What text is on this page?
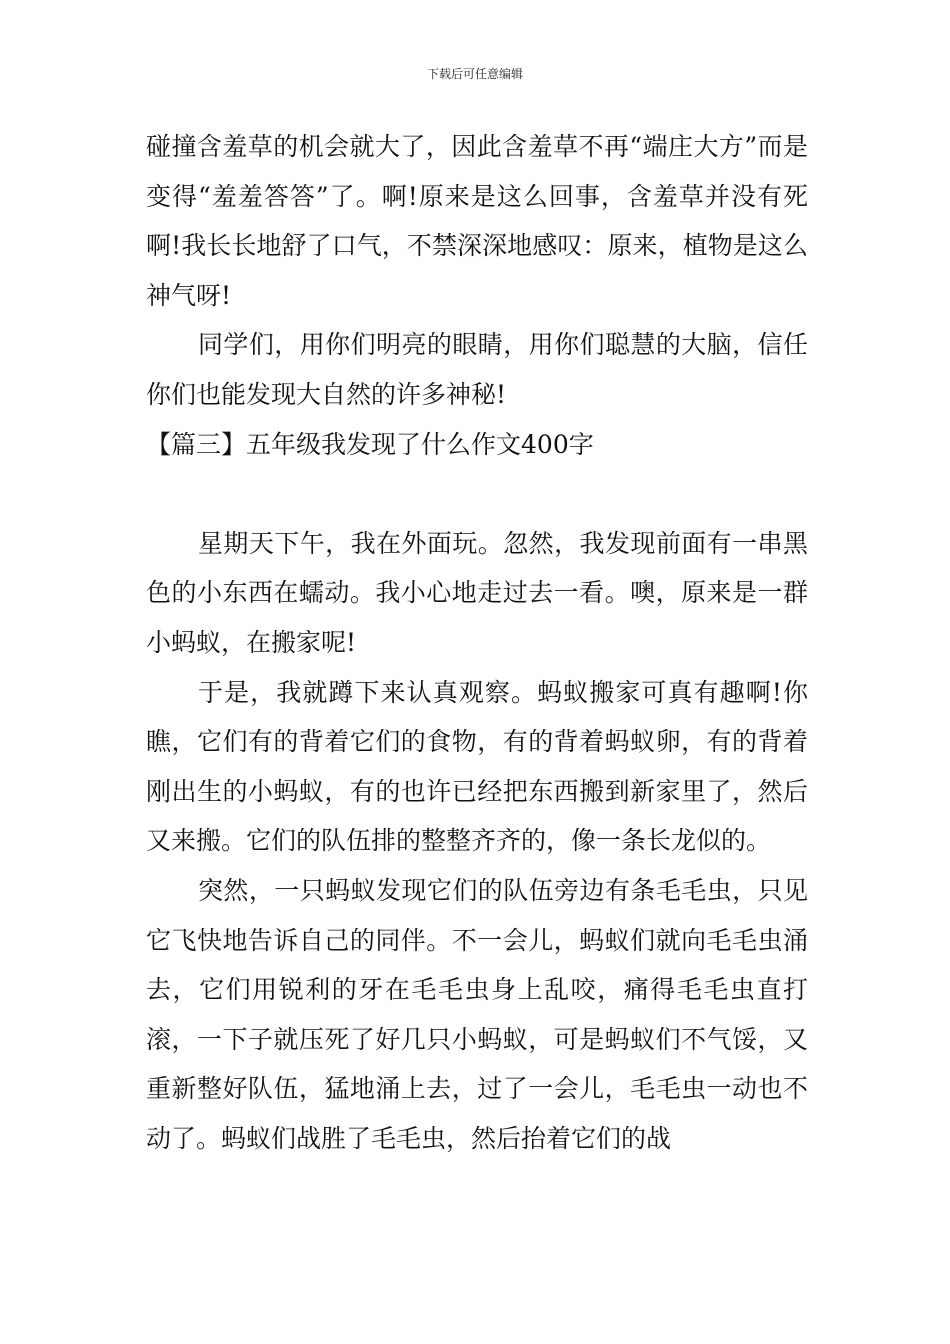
下载后可任意编辑

碰撞含羞草的机会就大了，因此含羞草不再“端庄大方”而是变得“羞羞答答”了。啊!原来是这么回事，含羞草并没有死啊!我长长地舒了口气，不禁深深地感叹：原来，植物是这么神气呀!

同学们，用你们明亮的眼睛，用你们聪慧的大脑，信任你们也能发现大自然的许多神秘!

【篇三】五年级我发现了什么作文400字

星期天下午，我在外面玩。忽然，我发现前面有一串黑色的小东西在蠕动。我小心地走过去一看。噢，原来是一群小蚂蚁，在搬家呢!

于是，我就蹲下来认真观察。蚂蚁搬家可真有趣啊!你瞧，它们有的背着它们的食物，有的背着蚂蚁卵，有的背着刚出生的小蚂蚁，有的也许已经把东西搬到新家里了，然后又来搬。它们的队伍排的整整齐齐的，像一条长龙似的。

突然，一只蚂蚁发现它们的队伍旁边有条毛毛虫，只见它飞快地告诉自己的同伴。不一会儿，蚂蚁们就向毛毛虫涌去，它们用锐利的牙在毛毛虫身上乱咬，痛得毛毛虫直打滚，一下子就压死了好几只小蚂蚁，可是蚂蚁们不气馁，又重新整好队伍，猛地涌上去，过了一会儿，毛毛虫一动也不动了。蚂蚁们战胜了毛毛虫，然后抬着它们的战
